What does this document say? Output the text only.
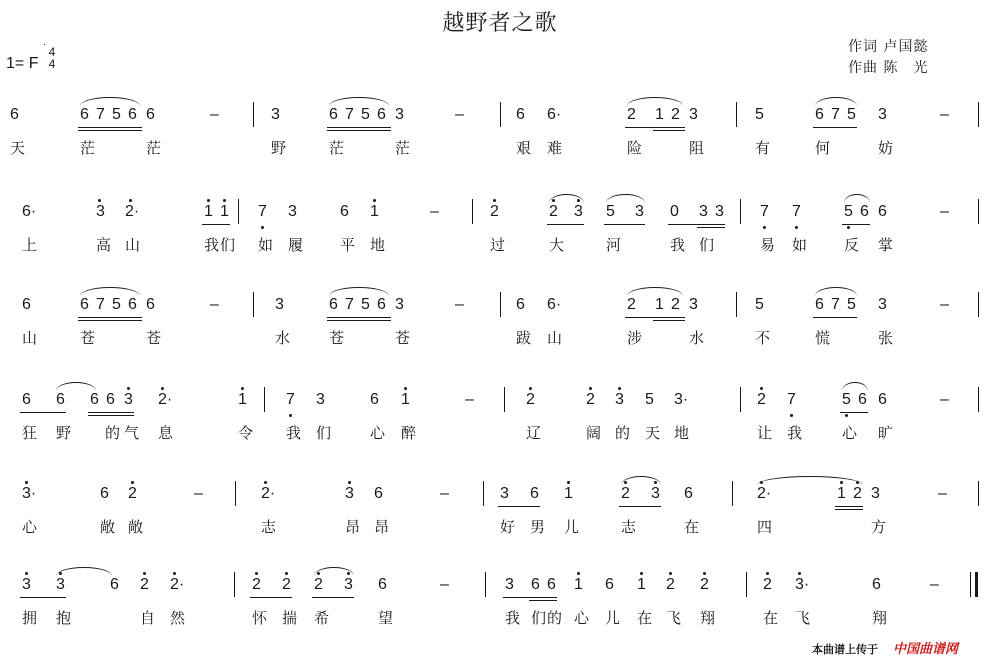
越野者之歌
作词 卢国懿
作曲 陈　光
1= F
4
4
6	6 7 5 6 6	–	3	6 7 5 6 3	–	6 6·	2 1 2 3	5	6 7 5 3	–
天	茫	茫	野	茫	茫	艰 难	险	阻	有	何	妨
6·	3 2·	1 1 7 3	6 1	–	2	2 3 5 3 0 3 3 7 7	5 6 6	–
上	高 山	我 们 如 履 平 地	过	大	河	我 们	易 如 反 掌
6	6 7 5 6 6	–	3	6 7 5 6 3	–	6 6·	2 1 2 3	5	6 7 5 3	–
山	苍	苍	水	苍	苍	跋 山	涉	水	不	慌	张
6 6 6 6 3 2·	1 7 3	6 1	–	2	2 3 5 3·	2 7	5 6 6	–
狂 野 的 气 息	令 我 们	心 醉	辽	阔 的 天 地	让 我	心 旷
3·	6 2	–	2·	3 6	–	3 6 1	2 3 6	2·	1 2 3	–
心	敞 敞	志	昂 昂	好 男 儿	志	在	四	方
3 3	6 2 2·	2 2 2 3 6	–	3 6 6 1 6 1 2 2	2 3·	6	–
拥 抱	自 然	怀 揣 希	望	我 们 的 心 儿 在 飞 翔	在 飞	翔
本曲谱上传于 中国曲谱网
